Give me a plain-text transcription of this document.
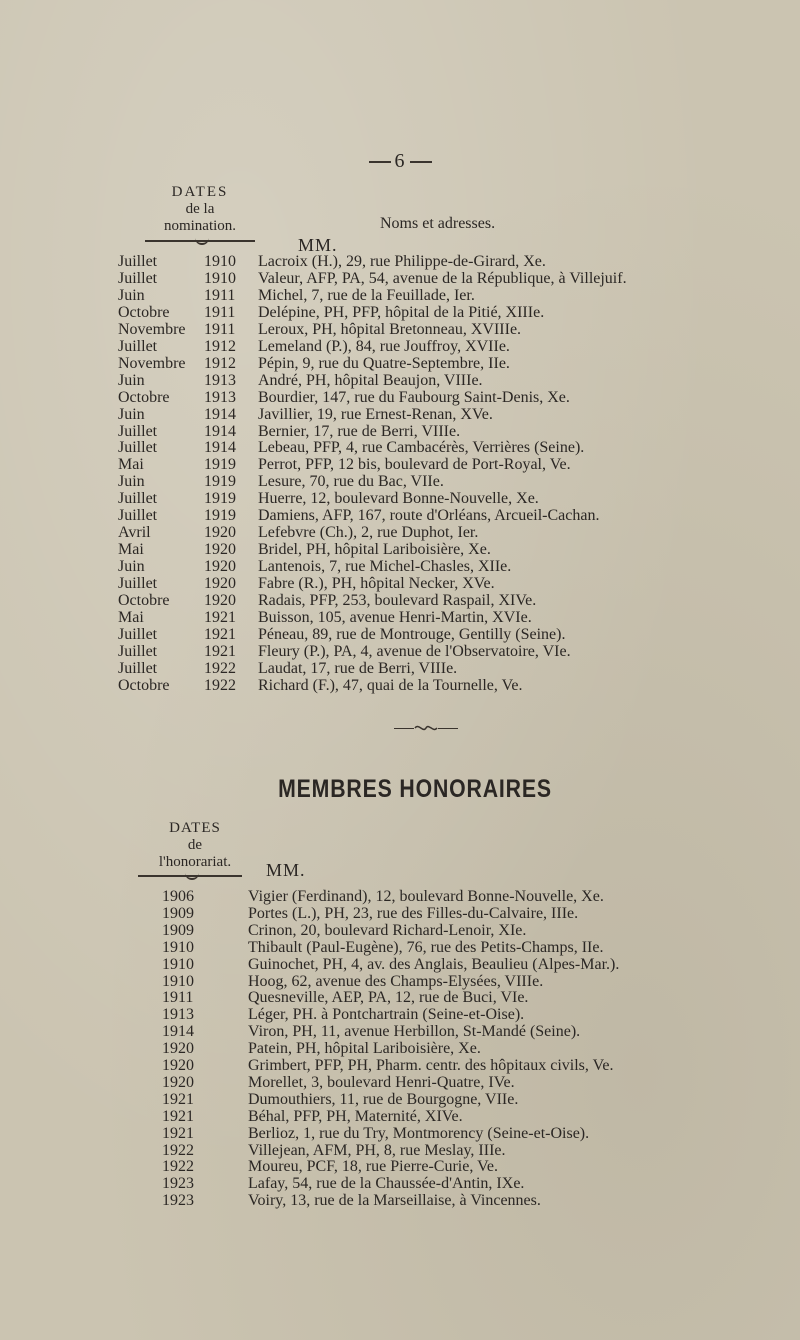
6
DATES
de la
nomination.	Noms et adresses.
MM.
Juillet	1910 Lacroix (H.), 29, rue Philippe-de-Girard, Xe.
Juillet	1910 Valeur, AFP, PA, 54, avenue de la République, à Villejuif.
Juin	1911 Michel, 7, rue de la Feuillade, Ier.
Octobre 1911 Delépine, PH, PFP, hôpital de la Pitié, XIIIe.
Novembre 1911 Leroux, PH, hôpital Bretonneau, XVIIIe.
Juillet	1912 Lemeland (P.), 84, rue Jouffroy, XVIIe.
Novembre 1912 Pépin, 9, rue du Quatre-Septembre, IIe.
Juin	1913 André, PH, hôpital Beaujon, VIIIe.
Octobre 1913 Bourdier, 147, rue du Faubourg Saint-Denis, Xe.
Juin	1914 Javillier, 19, rue Ernest-Renan, XVe.
Juillet	1914 Bernier, 17, rue de Berri, VIIIe.
Juillet	1914 Lebeau, PFP, 4, rue Cambacérès, Verrières (Seine).
Mai	1919 Perrot, PFP, 12 bis, boulevard de Port-Royal, Ve.
Juin	1919 Lesure, 70, rue du Bac, VIIe.
Juillet	1919 Huerre, 12, boulevard Bonne-Nouvelle, Xe.
Juillet	1919 Damiens, AFP, 167, route d'Orléans, Arcueil-Cachan.
Avril	1920 Lefebvre (Ch.), 2, rue Duphot, Ier.
Mai	1920 Bridel, PH, hôpital Lariboisière, Xe.
Juin	1920 Lantenois, 7, rue Michel-Chasles, XIIe.
Juillet	1920 Fabre (R.), PH, hôpital Necker, XVe.
Octobre 1920 Radais, PFP, 253, boulevard Raspail, XIVe.
Mai	1921 Buisson, 105, avenue Henri-Martin, XVIe.
Juillet	1921 Péneau, 89, rue de Montrouge, Gentilly (Seine).
Juillet	1921 Fleury (P.), PA, 4, avenue de l'Observatoire, VIe.
Juillet	1922 Laudat, 17, rue de Berri, VIIIe.
Octobre 1922 Richard (F.), 47, quai de la Tournelle, Ve.
MEMBRES HONORAIRES
DATES
de
l'honorariat.	MM.
1906	Vigier (Ferdinand), 12, boulevard Bonne-Nouvelle, Xe.
1909	Portes (L.), PH, 23, rue des Filles-du-Calvaire, IIIe.
1909	Crinon, 20, boulevard Richard-Lenoir, XIe.
1910	Thibault (Paul-Eugène), 76, rue des Petits-Champs, IIe.
1910	Guinochet, PH, 4, av. des Anglais, Beaulieu (Alpes-Mar.).
1910	Hoog, 62, avenue des Champs-Elysées, VIIIe.
1911	Quesneville, AEP, PA, 12, rue de Buci, VIe.
1913	Léger, PH. à Pontchartrain (Seine-et-Oise).
1914	Viron, PH, 11, avenue Herbillon, St-Mandé (Seine).
1920	Patein, PH, hôpital Lariboisière, Xe.
1920	Grimbert, PFP, PH, Pharm. centr. des hôpitaux civils, Ve.
1920	Morellet, 3, boulevard Henri-Quatre, IVe.
1921	Dumouthiers, 11, rue de Bourgogne, VIIe.
1921	Béhal, PFP, PH, Maternité, XIVe.
1921	Berlioz, 1, rue du Try, Montmorency (Seine-et-Oise).
1922	Villejean, AFM, PH, 8, rue Meslay, IIIe.
1922	Moureu, PCF, 18, rue Pierre-Curie, Ve.
1923	Lafay, 54, rue de la Chaussée-d'Antin, IXe.
1923	Voiry, 13, rue de la Marseillaise, à Vincennes.
